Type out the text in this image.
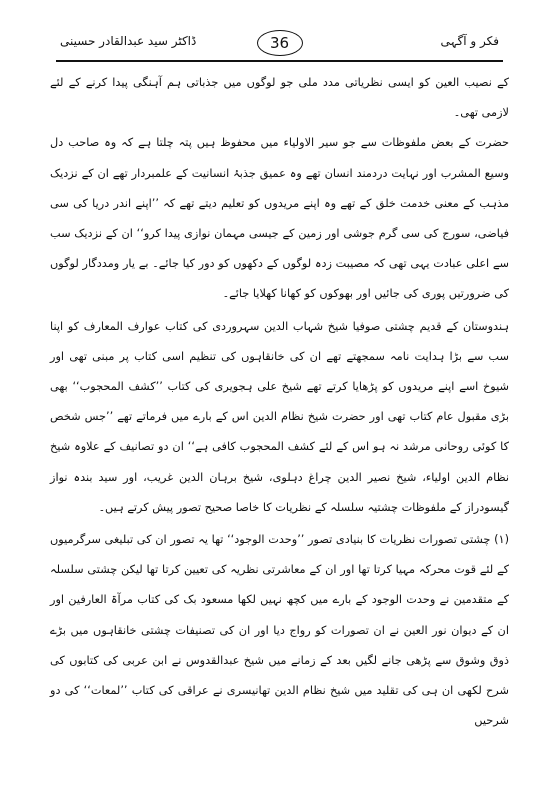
فکر و آگہی
36
ڈاکٹر سید عبدالقادر حسینی

کے نصیب العین کو ایسی نظریاتی مدد ملی جو لوگوں میں جذباتی ہم آہنگی پیدا کرنے کے لئے لازمی تھی۔

حضرت کے بعض ملفوظات سے جو سیر الاولیاء میں محفوظ ہیں پتہ چلتا ہے کہ وہ صاحب دل وسیع المشرب اور نہایت دردمند انسان تھے وہ عمیق جذبۂ انسانیت کے علمبردار تھے ان کے نزدیک مذہب کے معنی خدمت خلق کے تھے وہ اپنے مریدوں کو تعلیم دیتے تھے کہ ’’اپنے اندر دریا کی سی فیاضی، سورج کی سی گرم جوشی اور زمین کے جیسی مہمان نوازی پیدا کرو‘‘ ان کے نزدیک سب سے اعلی عبادت یہی تھی کہ مصیبت زدہ لوگوں کے دکھوں کو دور کیا جائے۔ بے یار ومددگار لوگوں کی ضرورتیں پوری کی جائیں اور بھوکوں کو کھانا کھلایا جائے۔

ہندوستان کے قدیم چشتی صوفیا شیخ شہاب الدین سہروردی کی کتاب عوارف المعارف کو اپنا سب سے بڑا ہدایت نامہ سمجھتے تھے ان کی خانقاہوں کی تنظیم اسی کتاب پر مبنی تھی اور شیوخ اسے اپنے مریدوں کو پڑھایا کرتے تھے شیخ علی ہجویری کی کتاب ’’کشف المحجوب‘‘ بھی بڑی مقبول عام کتاب تھی اور حضرت شیخ نظام الدین اس کے بارے میں فرماتے تھے ’’جس شخص کا کوئی روحانی مرشد نہ ہو اس کے لئے کشف المحجوب کافی ہے‘‘ ان دو تصانیف کے علاوہ شیخ نظام الدین اولیاء، شیخ نصیر الدین چراغ دہلوی، شیخ برہان الدین غریب، اور سید بندہ نواز گیسودراز کے ملفوظات چشتیہ سلسلہ کے نظریات کا خاصا صحیح تصور پیش کرتے ہیں۔

(۱) چشتی تصورات نظریات کا بنیادی تصور ’’وحدت الوجود‘‘ تھا یہ تصور ان کی تبلیغی سرگرمیوں کے لئے قوت محرکہ مہیا کرتا تھا اور ان کے معاشرتی نظریہ کی تعیین کرتا تھا لیکن چشتی سلسلہ کے متقدمین نے وحدت الوجود کے بارے میں کچھ نہیں لکھا مسعود بک کی کتاب مرآۃ العارفین اور ان کے دیوان نور العین نے ان تصورات کو رواج دیا اور ان کی تصنیفات چشتی خانقاہوں میں بڑے ذوق وشوق سے پڑھی جانے لگیں بعد کے زمانے میں شیخ عبدالقدوس نے ابن عربی کی کتابوں کی شرح لکھی ان ہی کی تقلید میں شیخ نظام الدین تھانیسری نے عراقی کی کتاب ’’لمعات‘‘ کی دو شرحیں
